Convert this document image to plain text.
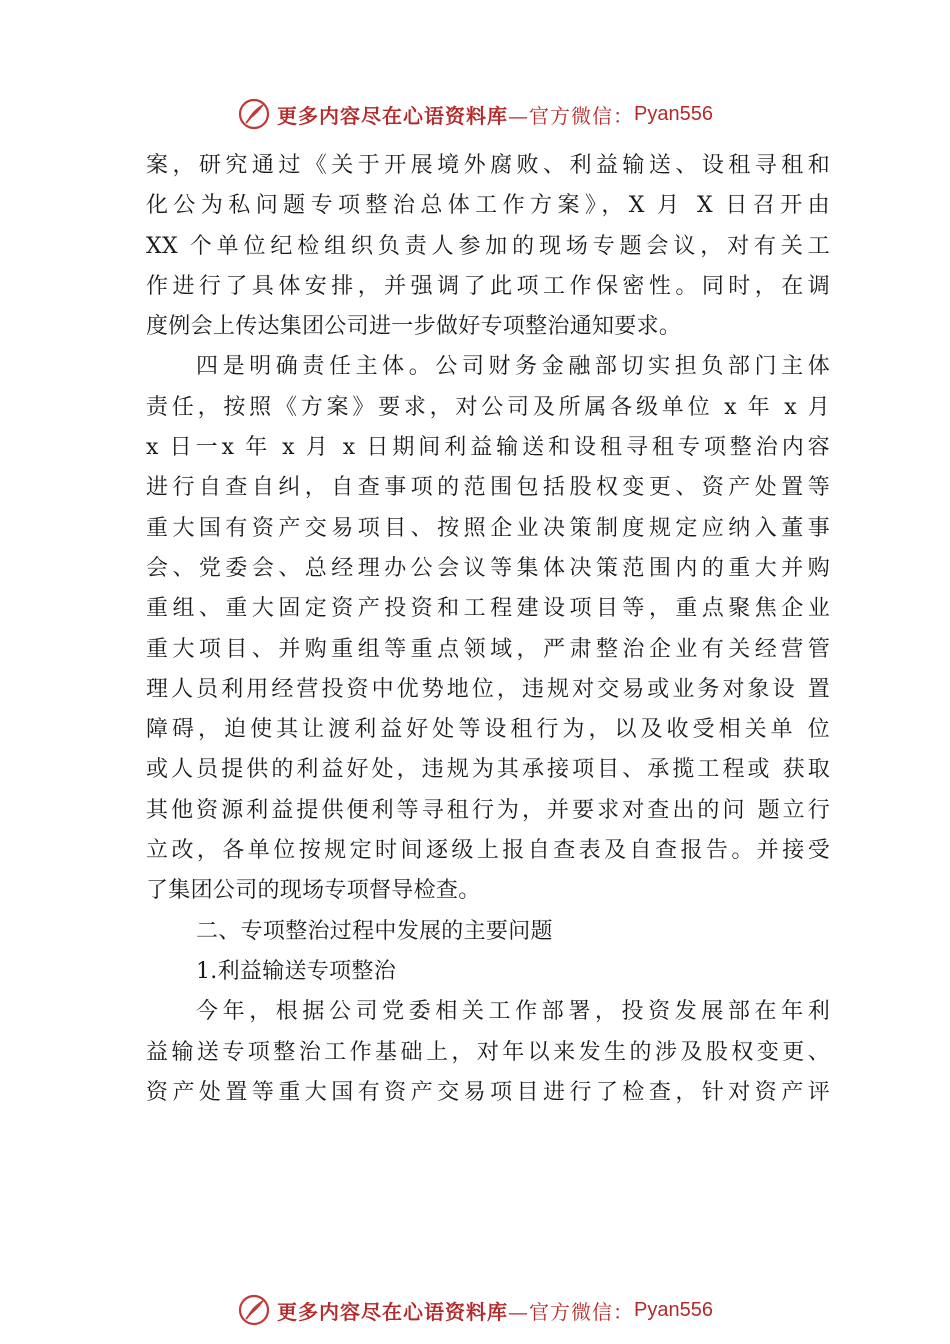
更多内容尽在心语资料库 —官方微信： Pyan556
案，研究通过《关于开展境外腐败、利益输送、设租寻租和
化公为私问题专项整治总体工作方案》，X 月 X 日召开由
XX 个单位纪检组织负责人参加的现场专题会议，对有关工
作进行了具体安排，并强调了此项工作保密性。同时，在调
度例会上传达集团公司进一步做好专项整治通知要求。
四是明确责任主体。公司财务金融部切实担负部门主体
责任，按照《方案》要求，对公司及所属各级单位 x 年 x 月
x 日一x 年 x 月 x 日期间利益输送和设租寻租专项整治内容
进行自查自纠，自查事项的范围包括股权变更、资产处置等
重大国有资产交易项目、按照企业决策制度规定应纳入董事
会、党委会、总经理办公会议等集体决策范围内的重大并购
重组、重大固定资产投资和工程建设项目等，重点聚焦企业
重大项目、并购重组等重点领域，严肃整治企业有关经营管
理人员利用经营投资中优势地位，违规对交易或业务对象设 置
障碍，迫使其让渡利益好处等设租行为，以及收受相关单 位
或人员提供的利益好处，违规为其承接项目、承揽工程或 获取
其他资源利益提供便利等寻租行为，并要求对查出的问 题立行
立改，各单位按规定时间逐级上报自查表及自查报告。并接受
了集团公司的现场专项督导检查。
二、专项整治过程中发展的主要问题
1.利益输送专项整治
今年，根据公司党委相关工作部署，投资发展部在年利
益输送专项整治工作基础上，对年以来发生的涉及股权变更、
资产处置等重大国有资产交易项目进行了检查，针对资产评
更多内容尽在心语资料库 —官方微信： Pyan556
